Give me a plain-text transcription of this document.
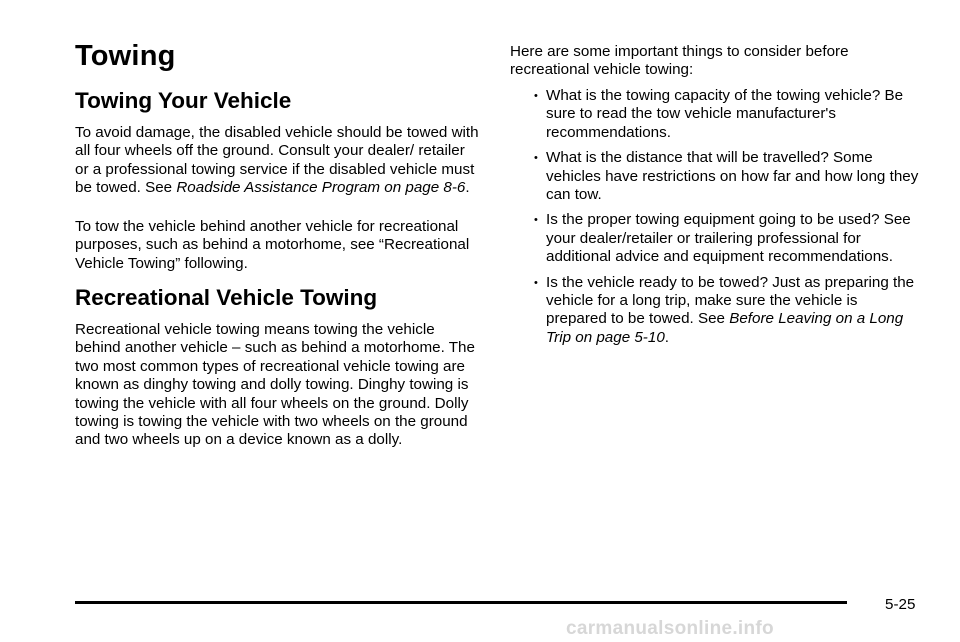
Towing
Towing Your Vehicle

To avoid damage, the disabled vehicle should be towed with all four wheels off the ground. Consult your dealer/ retailer or a professional towing service if the disabled vehicle must be towed. See Roadside Assistance Program on page 8‑6.

To tow the vehicle behind another vehicle for recreational purposes, such as behind a motorhome, see “Recreational Vehicle Towing” following.

Recreational Vehicle Towing

Recreational vehicle towing means towing the vehicle behind another vehicle – such as behind a motorhome. The two most common types of recreational vehicle towing are known as dinghy towing and dolly towing. Dinghy towing is towing the vehicle with all four wheels on the ground. Dolly towing is towing the vehicle with two wheels on the ground and two wheels up on a device known as a dolly.

Here are some important things to consider before recreational vehicle towing:

• What is the towing capacity of the towing vehicle? Be sure to read the tow vehicle manufacturer's recommendations.
• What is the distance that will be travelled? Some vehicles have restrictions on how far and how long they can tow.
• Is the proper towing equipment going to be used? See your dealer/retailer or trailering professional for additional advice and equipment recommendations.
• Is the vehicle ready to be towed? Just as preparing the vehicle for a long trip, make sure the vehicle is prepared to be towed. See Before Leaving on a Long Trip on page 5‑10.
5-25
carmanualsonline.info
